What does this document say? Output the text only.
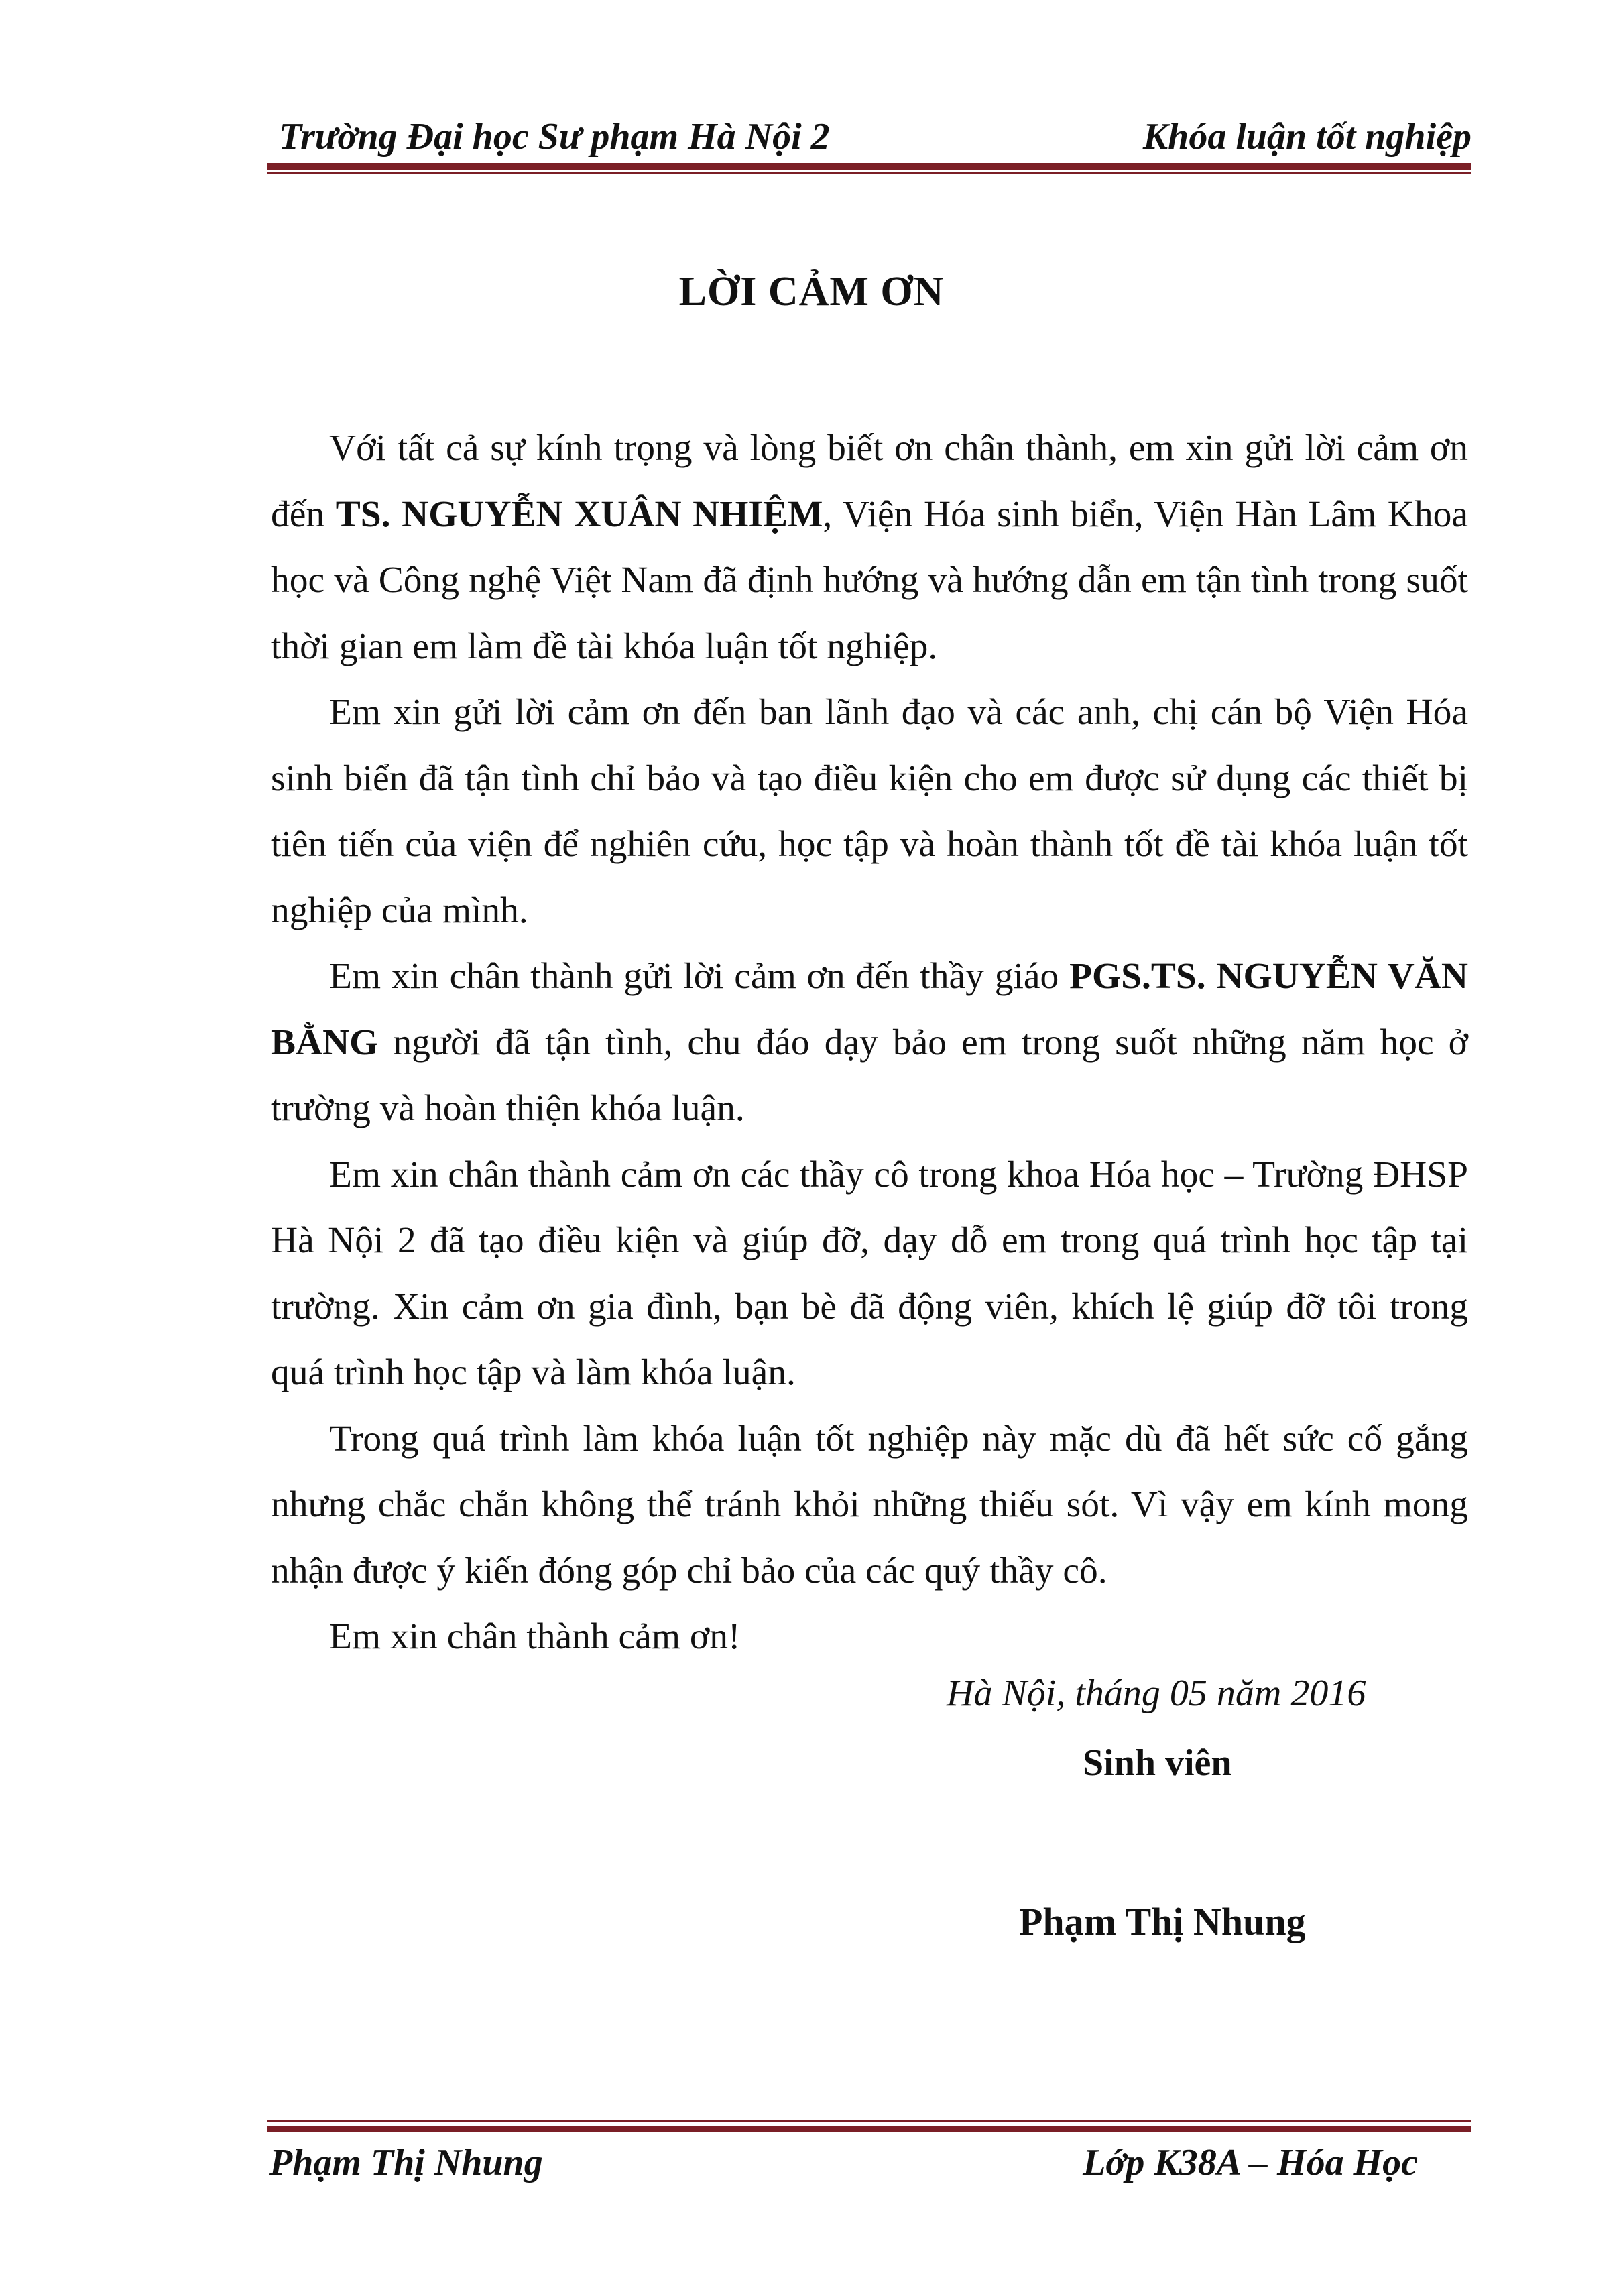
Trường Đại học Sư phạm Hà Nội 2	Khóa luận tốt nghiệp
LỜI CẢM ƠN

Với tất cả sự kính trọng và lòng biết ơn chân thành, em xin gửi lời cảm ơn đến TS. NGUYỄN XUÂN NHIỆM, Viện Hóa sinh biển, Viện Hàn Lâm Khoa học và Công nghệ Việt Nam đã định hướng và hướng dẫn em tận tình trong suốt thời gian em làm đề tài khóa luận tốt nghiệp.

Em xin gửi lời cảm ơn đến ban lãnh đạo và các anh, chị cán bộ Viện Hóa sinh biển đã tận tình chỉ bảo và tạo điều kiện cho em được sử dụng các thiết bị tiên tiến của viện để nghiên cứu, học tập và hoàn thành tốt đề tài khóa luận tốt nghiệp của mình.

Em xin chân thành gửi lời cảm ơn đến thầy giáo PGS.TS. NGUYỄN VĂN BẰNG người đã tận tình, chu đáo dạy bảo em trong suốt những năm học ở trường và hoàn thiện khóa luận.

Em xin chân thành cảm ơn các thầy cô trong khoa Hóa học – Trường ĐHSP Hà Nội 2 đã tạo điều kiện và giúp đỡ, dạy dỗ em trong quá trình học tập tại trường. Xin cảm ơn gia đình, bạn bè đã động viên, khích lệ giúp đỡ tôi trong quá trình học tập và làm khóa luận.

Trong quá trình làm khóa luận tốt nghiệp này mặc dù đã hết sức cố gắng nhưng chắc chắn không thể tránh khỏi những thiếu sót. Vì vậy em kính mong nhận được ý kiến đóng góp chỉ bảo của các quý thầy cô.

Em xin chân thành cảm ơn!

Hà Nội, tháng 05 năm 2016
Sinh viên
Phạm Thị Nhung
Phạm Thị Nhung	Lớp K38A – Hóa Học
